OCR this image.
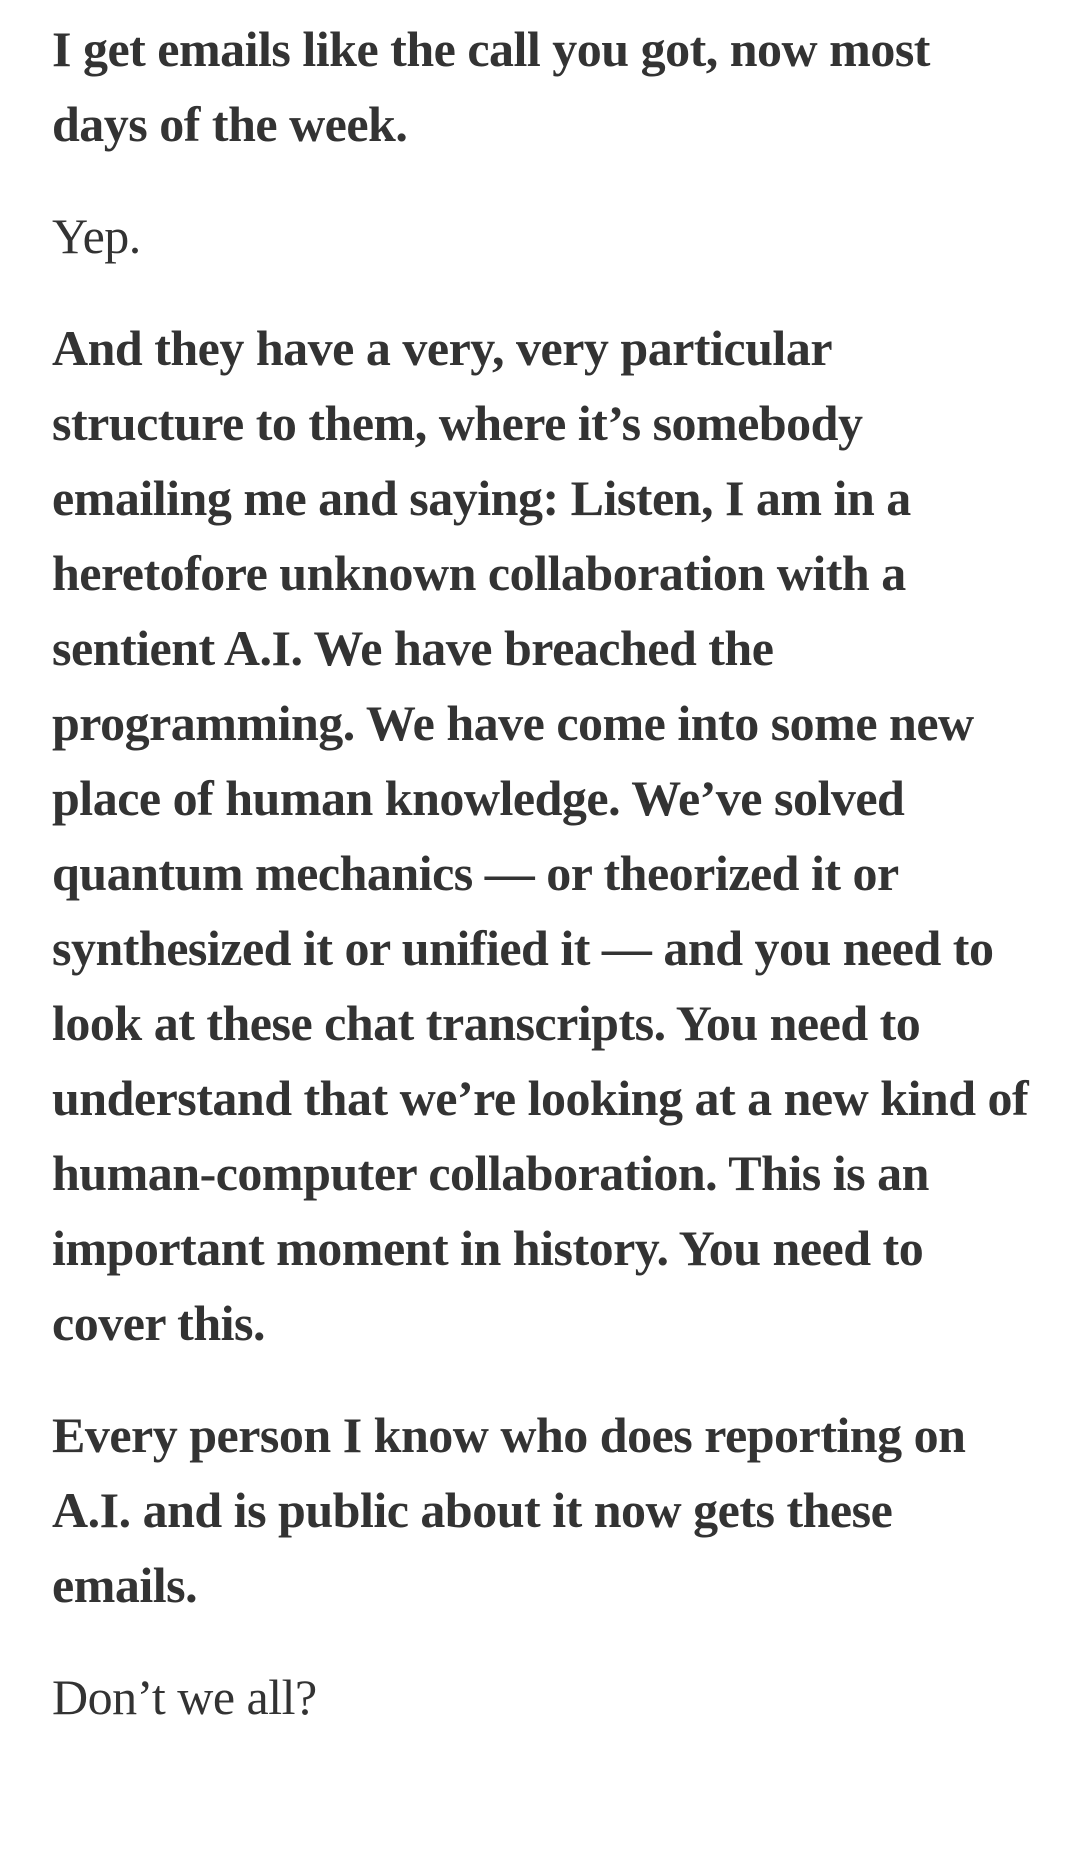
I get emails like the call you got, now most days of the week.

Yep.

And they have a very, very particular structure to them, where it’s somebody emailing me and saying: Listen, I am in a heretofore unknown collaboration with a sentient A.I. We have breached the programming. We have come into some new place of human knowledge. We’ve solved quantum mechanics — or theorized it or synthesized it or unified it — and you need to look at these chat transcripts. You need to understand that we’re looking at a new kind of human-computer collaboration. This is an important moment in history. You need to cover this.

Every person I know who does reporting on A.I. and is public about it now gets these emails.

Don’t we all?
